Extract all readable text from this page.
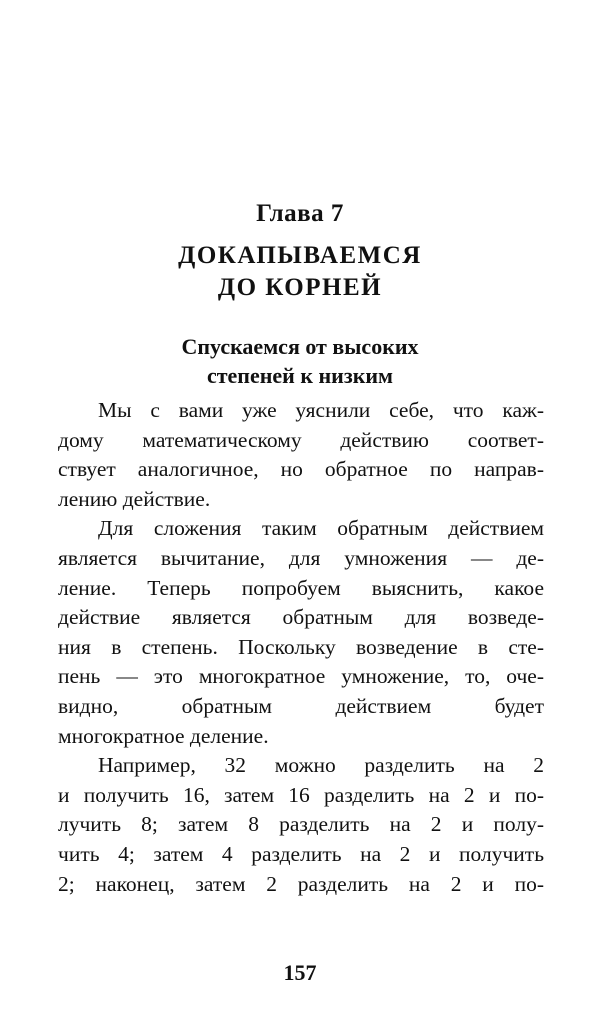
Глава 7
ДОКАПЫВАЕМСЯ
ДО КОРНЕЙ
Спускаемся от высоких
степеней к низким

Мы с вами уже уяснили себе, что каж-
дому математическому действию соответ-
ствует аналогичное, но обратное по направ-
лению действие.

Для сложения таким обратным действием
является вычитание, для умножения — де-
ление. Теперь попробуем выяснить, какое
действие является обратным для возведе-
ния в степень. Поскольку возведение в сте-
пень — это многократное умножение, то, оче-
видно, обратным действием будет
многократное деление.

Например, 32 можно разделить на 2
и получить 16, затем 16 разделить на 2 и по-
лучить 8; затем 8 разделить на 2 и полу-
чить 4; затем 4 разделить на 2 и получить
2; наконец, затем 2 разделить на 2 и по-

157
